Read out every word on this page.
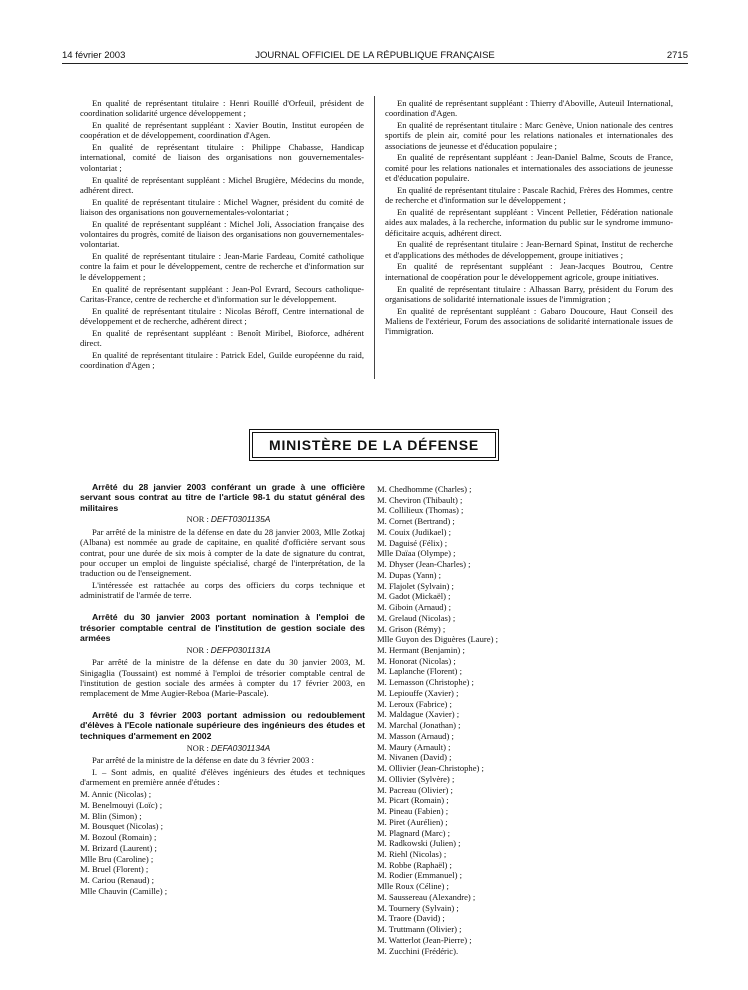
14 février 2003	JOURNAL OFFICIEL DE LA RÉPUBLIQUE FRANÇAISE	2715

En qualité de représentant titulaire : Henri Rouillé d'Orfeuil, président de coordination solidarité urgence développement ;

En qualité de représentant suppléant : Xavier Boutin, Institut européen de coopération et de développement, coordination d'Agen.

En qualité de représentant titulaire : Philippe Chabasse, Handicap international, comité de liaison des organisations non gouvernementales-volontariat ;

En qualité de représentant suppléant : Michel Brugière, Médecins du monde, adhérent direct.

En qualité de représentant titulaire : Michel Wagner, président du comité de liaison des organisations non gouvernementales-volontariat ;

En qualité de représentant suppléant : Michel Joli, Association française des volontaires du progrès, comité de liaison des organisations non gouvernementales-volontariat.

En qualité de représentant titulaire : Jean-Marie Fardeau, Comité catholique contre la faim et pour le développement, centre de recherche et d'information sur le développement ;

En qualité de représentant suppléant : Jean-Pol Evrard, Secours catholique-Caritas-France, centre de recherche et d'information sur le développement.

En qualité de représentant titulaire : Nicolas Béroff, Centre international de développement et de recherche, adhérent direct ;

En qualité de représentant suppléant : Benoît Miribel, Bioforce, adhérent direct.

En qualité de représentant titulaire : Patrick Edel, Guilde européenne du raid, coordination d'Agen ;

En qualité de représentant suppléant : Thierry d'Aboville, Auteuil International, coordination d'Agen.

En qualité de représentant titulaire : Marc Genève, Union nationale des centres sportifs de plein air, comité pour les relations nationales et internationales des associations de jeunesse et d'éducation populaire ;

En qualité de représentant suppléant : Jean-Daniel Balme, Scouts de France, comité pour les relations nationales et internationales des associations de jeunesse et d'éducation populaire.

En qualité de représentant titulaire : Pascale Rachid, Frères des Hommes, centre de recherche et d'information sur le développement ;

En qualité de représentant suppléant : Vincent Pelletier, Fédération nationale aides aux malades, à la recherche, information du public sur le syndrome immuno-déficitaire acquis, adhérent direct.

En qualité de représentant titulaire : Jean-Bernard Spinat, Institut de recherche et d'applications des méthodes de développement, groupe initiatives ;

En qualité de représentant suppléant : Jean-Jacques Boutrou, Centre international de coopération pour le développement agricole, groupe initiatives.

En qualité de représentant titulaire : Alhassan Barry, président du Forum des organisations de solidarité internationale issues de l'immigration ;

En qualité de représentant suppléant : Gabaro Doucoure, Haut Conseil des Maliens de l'extérieur, Forum des associations de solidarité internationale issues de l'immigration.

MINISTÈRE DE LA DÉFENSE

Arrêté du 28 janvier 2003 conférant un grade à une officière servant sous contrat au titre de l'article 98-1 du statut général des militaires

NOR : DEFT0301135A

Par arrêté de la ministre de la défense en date du 28 janvier 2003, Mlle Zotkaj (Albana) est nommée au grade de capitaine, en qualité d'officière servant sous contrat, pour une durée de six mois à compter de la date de signature du contrat, pour occuper un emploi de linguiste spécialisé, chargé de l'interprétation, de la traduction ou de l'enseignement.

L'intéressée est rattachée au corps des officiers du corps technique et administratif de l'armée de terre.

Arrêté du 30 janvier 2003 portant nomination à l'emploi de trésorier comptable central de l'institution de gestion sociale des armées

NOR : DEFP0301131A

Par arrêté de la ministre de la défense en date du 30 janvier 2003, M. Sinigaglia (Toussaint) est nommé à l'emploi de trésorier comptable central de l'institution de gestion sociale des armées à compter du 17 février 2003, en remplacement de Mme Augier-Reboa (Marie-Pascale).

Arrêté du 3 février 2003 portant admission ou redoublement d'élèves à l'Ecole nationale supérieure des ingénieurs des études et techniques d'armement en 2002

NOR : DEFA0301134A

Par arrêté de la ministre de la défense en date du 3 février 2003 :

I. – Sont admis, en qualité d'élèves ingénieurs des études et techniques d'armement en première année d'études :

M. Annic (Nicolas) ;
M. Benelmouyi (Loïc) ;
M. Blin (Simon) ;
M. Bousquet (Nicolas) ;
M. Bozoul (Romain) ;
M. Brizard (Laurent) ;
Mlle Bru (Caroline) ;
M. Bruel (Florent) ;
M. Cariou (Renaud) ;
Mlle Chauvin (Camille) ;
M. Chedhomme (Charles) ;
M. Cheviron (Thibault) ;
M. Collilieux (Thomas) ;
M. Cornet (Bertrand) ;
M. Couix (Judikael) ;
M. Daguisé (Félix) ;
Mlle Daïaa (Olympe) ;
M. Dhyser (Jean-Charles) ;
M. Dupas (Yann) ;
M. Flajolet (Sylvain) ;
M. Gadot (Mickaël) ;
M. Giboin (Arnaud) ;
M. Grelaud (Nicolas) ;
M. Grison (Rémy) ;
Mlle Guyon des Diguères (Laure) ;
M. Hermant (Benjamin) ;
M. Honorat (Nicolas) ;
M. Laplanche (Florent) ;
M. Lemasson (Christophe) ;
M. Lepiouffe (Xavier) ;
M. Leroux (Fabrice) ;
M. Maldague (Xavier) ;
M. Marchal (Jonathan) ;
M. Masson (Arnaud) ;
M. Maury (Arnault) ;
M. Nivanen (David) ;
M. Ollivier (Jean-Christophe) ;
M. Ollivier (Sylvère) ;
M. Pacreau (Olivier) ;
M. Picart (Romain) ;
M. Pineau (Fabien) ;
M. Piret (Aurélien) ;
M. Plagnard (Marc) ;
M. Radkowski (Julien) ;
M. Riehl (Nicolas) ;
M. Robbe (Raphaël) ;
M. Rodier (Emmanuel) ;
Mlle Roux (Céline) ;
M. Saussereau (Alexandre) ;
M. Tournery (Sylvain) ;
M. Traore (David) ;
M. Truttmann (Olivier) ;
M. Watterlot (Jean-Pierre) ;
M. Zucchini (Frédéric).
